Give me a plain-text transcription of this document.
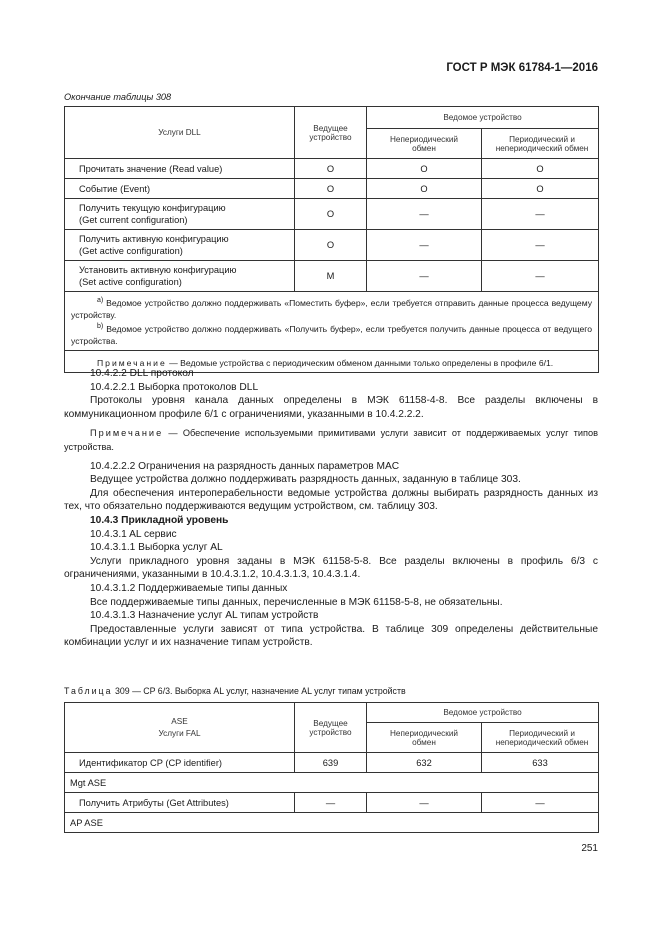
ГОСТ Р МЭК 61784-1—2016
Окончание таблицы 308
Услуги DLL	Ведущее устройство	Ведомое устройство	
		Непериодический обмен	Периодический и непериодический обмен
Прочитать значение (Read value)	O	O	O
Событие (Event)	O	O	O
Получить текущую конфигурацию
(Get current configuration)	O	—	—
Получить активную конфигурацию
(Get active configuration)	O	—	—
Установить активную конфигурацию
(Set active configuration)	M	—	—

$^{a)}$ Ведомое устройство должно поддерживать «Поместить буфер», если требуется отправить данные процесса ведущему устройству.
$^{b)}$ Ведомое устройство должно поддерживать «Получить буфер», если требуется получить данные процесса от ведущего устройства.			

Примечание — Ведомые устройства с периодическим обменом данными только определены в профиле 6/1.			

10.4.2.2 DLL протокол

10.4.2.2.1 Выборка протоколов DLL

Протоколы уровня канала данных определены в МЭК 61158-4-8. Все разделы включены в коммуникационном профиле 6/1 с ограничениями, указанными в 10.4.2.2.2.

Примечание — Обеспечение используемыми примитивами услуги зависит от поддерживаемых услуг типов устройства.

10.4.2.2.2 Ограничения на разрядность данных параметров MAC

Ведущее устройства должно поддерживать разрядность данных, заданную в таблице 303.

Для обеспечения интероперабельности ведомые устройства должны выбирать разрядность данных из тех, что обязательно поддерживаются ведущим устройством, см. таблицу 303.

10.4.3 Прикладной уровень

10.4.3.1 AL сервис

10.4.3.1.1 Выборка услуг AL

Услуги прикладного уровня заданы в МЭК 61158-5-8. Все разделы включены в профиль 6/3 с ограничениями, указанными в 10.4.3.1.2, 10.4.3.1.3, 10.4.3.1.4.

10.4.3.1.2 Поддерживаемые типы данных

Все поддерживаемые типы данных, перечисленные в МЭК 61158-5-8, не обязательны.

10.4.3.1.3 Назначение услуг AL типам устройств

Предоставленные услуги зависят от типа устройства. В таблице 309 определены действительные комбинации услуг и их назначение типам устройств.

Таблица 309 — CP 6/3. Выборка AL услуг, назначение AL услуг типам устройств
ASE
Услуги FAL	Ведущее устройство	Ведомое устройство	
		Непериодический обмен	Периодический и непериодический обмен
Идентификатор CP (CP identifier)	639	632	633
Mgt ASE			
Получить Атрибуты (Get Attributes)	—	—	—
AP ASE			
251
